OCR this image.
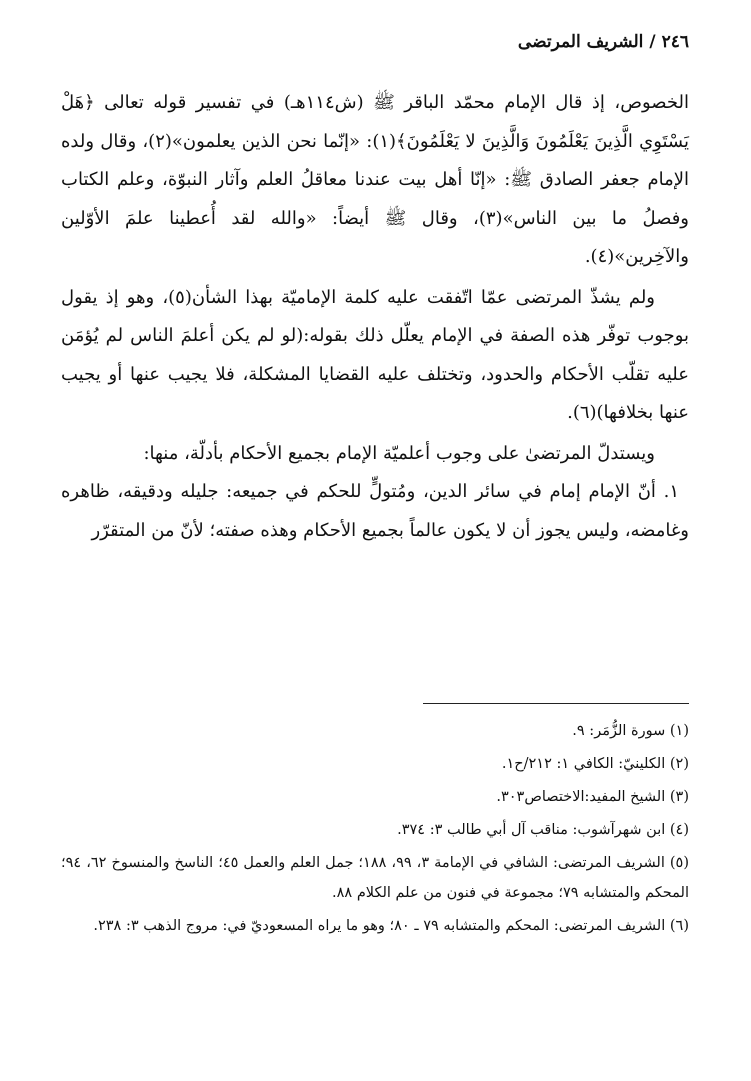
٢٤٦/الشريف المرتضى

الخصوص، إذ قال الإمام محمّد الباقر ﷺ (ش١١٤هـ) في تفسير قوله تعالى ﴿هَلْ يَسْتَوِي الَّذِينَ يَعْلَمُونَ وَالَّذِينَ لا يَعْلَمُونَ﴾(١): «إنّما نحن الذين يعلمون»(٢)، وقال ولده الإمام جعفر الصادق ﷺ: «إنّا أهل بيت عندنا معاقلُ العلم وآثار النبوّة، وعلم الكتاب وفصلُ ما بين الناس»(٣)، وقال ﷺ أيضاً: «والله لقد أُعطينا علمَ الأوّلين والآخِرين»(٤).

ولم يشذّ المرتضى عمّا اتّفقت عليه كلمة الإماميّة بهذا الشأن(٥)، وهو إذ يقول بوجوب توفّر هذه الصفة في الإمام يعلّل ذلك بقوله:(لو لم يكن أعلمَ الناس لم يُؤمَن عليه تقلّب الأحكام والحدود، وتختلف عليه القضايا المشكلة، فلا يجيب عنها أو يجيب عنها بخلافها)(٦).

ويستدلّ المرتضىٰ على وجوب أعلميّة الإمام بجميع الأحكام بأدلّة، منها:

١. أنّ الإمام إمام في سائر الدين، ومُتولٍّ للحكم في جميعه: جليله ودقيقه، ظاهره وغامضه، وليس يجوز أن لا يكون عالماً بجميع الأحكام وهذه صفته؛ لأنّ من المتقرّر

(١) سورة الزُّمَر: ٩.

(٢) الكلينيّ: الكافي ١: ٢١٢/ح١.

(٣) الشيخ المفيد:الاختصاص٣٠٣.

(٤) ابن شهرآشوب: مناقب آل أبي طالب ٣: ٣٧٤.

(٥) الشريف المرتضى: الشافي في الإمامة ٣، ٩٩، ١٨٨؛ جمل العلم والعمل ٤٥؛ الناسخ والمنسوخ ٦٢، ٩٤؛ المحكم والمتشابه ٧٩؛ مجموعة في فنون من علم الكلام ٨٨.

(٦) الشريف المرتضى: المحكم والمتشابه ٧٩ ـ ٨٠؛ وهو ما يراه المسعوديّ في: مروج الذهب ٣: ٢٣٨.
